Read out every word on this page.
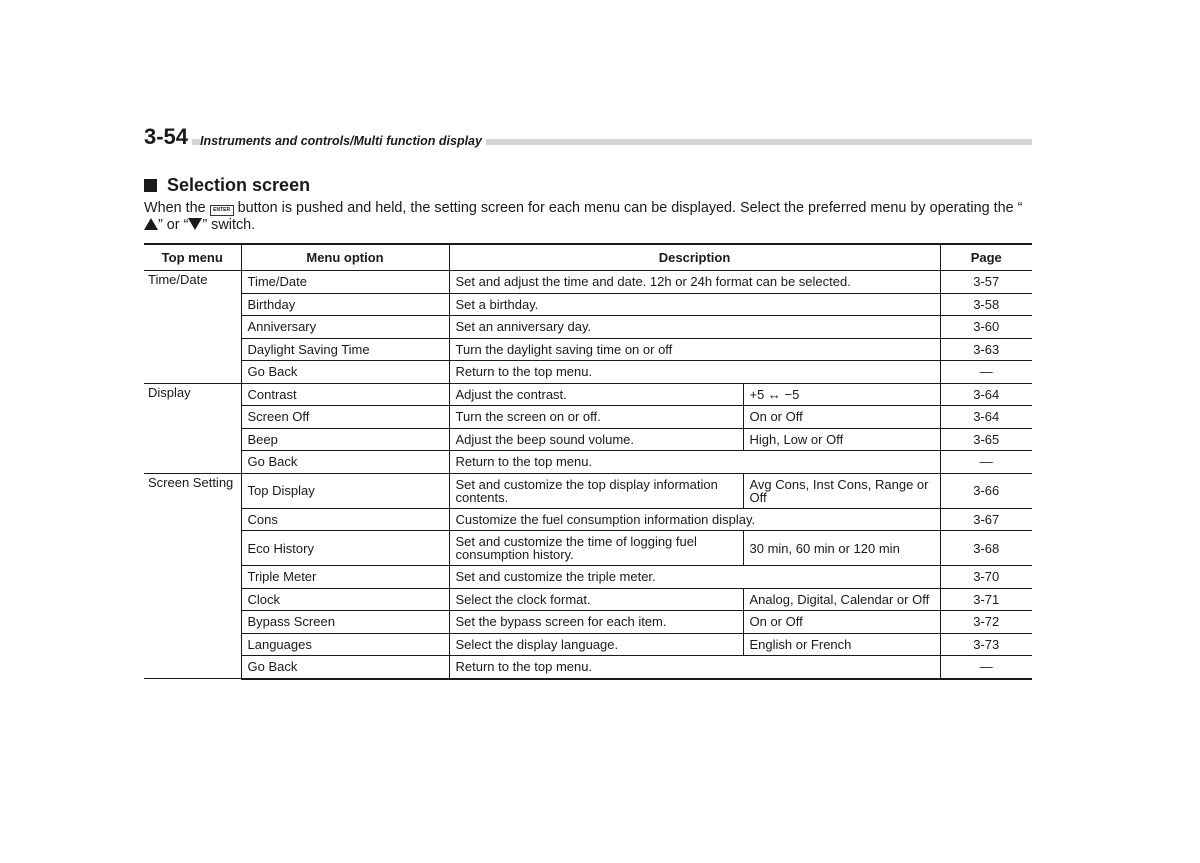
3-54 Instruments and controls/Multi function display
Selection screen
When the ENTER button is pushed and held, the setting screen for each menu can be displayed. Select the preferred menu by operating the “” or “ ” switch.
Top menu	Menu option	Description		Page
Time/Date	Time/Date	Set and adjust the time and date. 12h or 24h format can be selected.		3-57
	Birthday	Set a birthday.		3-58
	Anniversary	Set an anniversary day.		3-60
	Daylight Saving Time	Turn the daylight saving time on or off		3-63
	Go Back	Return to the top menu.		—
Display	Contrast	Adjust the contrast.	+5 ↔ −5	3-64
	Screen Off	Turn the screen on or off.	On or Off	3-64
	Beep	Adjust the beep sound volume.	High, Low or Off	3-65
	Go Back	Return to the top menu.		—
Screen Setting	Top Display	Set and customize the top display information contents.	Avg Cons, Inst Cons, Range or Off	3-66
	Cons	Customize the fuel consumption information display.		3-67
	Eco History	Set and customize the time of logging fuel consumption history.	30 min, 60 min or 120 min	3-68
	Triple Meter	Set and customize the triple meter.		3-70
	Clock	Select the clock format.	Analog, Digital, Calendar or Off	3-71
	Bypass Screen	Set the bypass screen for each item.	On or Off	3-72
	Languages	Select the display language.	English or French	3-73
	Go Back	Return to the top menu.		—
